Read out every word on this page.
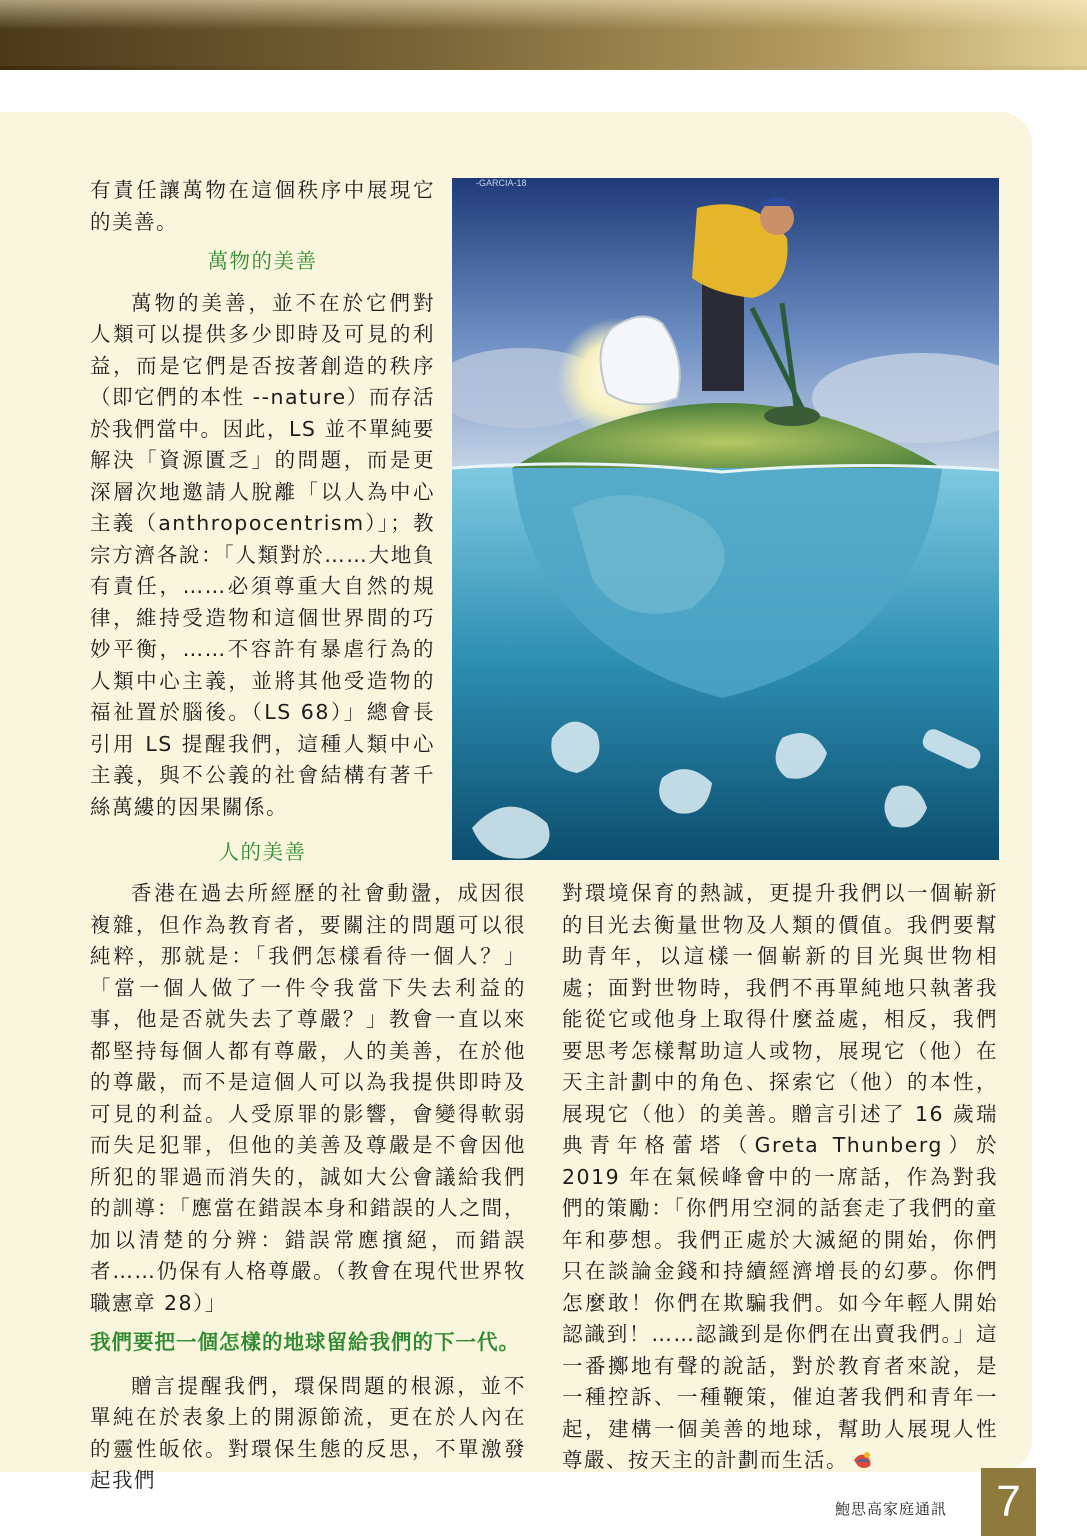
有責任讓萬物在這個秩序中展現它的美善。

萬物的美善

萬物的美善，並不在於它們對人類可以提供多少即時及可見的利益，而是它們是否按著創造的秩序（即它們的本性 --nature）而存活於我們當中。因此，LS 並不單純要解決「資源匱乏」的問題，而是更深層次地邀請人脫離「以人為中心主義（anthropocentrism）」；教宗方濟各說：「人類對於……大地負有責任，……必須尊重大自然的規律，維持受造物和這個世界間的巧妙平衡，……不容許有暴虐行為的人類中心主義，並將其他受造物的福祉置於腦後。（LS 68）」總會長引用 LS 提醒我們，這種人類中心主義，與不公義的社會結構有著千絲萬縷的因果關係。

人的美善
-GARCIA-18

香港在過去所經歷的社會動盪，成因很複雜，但作為教育者，要關注的問題可以很純粹，那就是：「我們怎樣看待一個人？」「當一個人做了一件令我當下失去利益的事，他是否就失去了尊嚴？」教會一直以來都堅持每個人都有尊嚴，人的美善，在於他的尊嚴，而不是這個人可以為我提供即時及可見的利益。人受原罪的影響，會變得軟弱而失足犯罪，但他的美善及尊嚴是不會因他所犯的罪過而消失的，誠如大公會議給我們的訓導：「應當在錯誤本身和錯誤的人之間，加以清楚的分辨：錯誤常應擯絕，而錯誤者……仍保有人格尊嚴。（教會在現代世界牧職憲章 28）」

我們要把一個怎樣的地球留給我們的下一代。

贈言提醒我們，環保問題的根源，並不單純在於表象上的開源節流，更在於人內在的靈性皈依。對環保生態的反思，不單激發起我們

對環境保育的熱誠，更提升我們以一個嶄新的目光去衡量世物及人類的價值。我們要幫助青年，以這樣一個嶄新的目光與世物相處；面對世物時，我們不再單純地只執著我能從它或他身上取得什麼益處，相反，我們要思考怎樣幫助這人或物，展現它（他）在天主計劃中的角色、探索它（他）的本性，展現它（他）的美善。贈言引述了 16 歲瑞典青年格蕾塔（Greta Thunberg）於 2019 年在氣候峰會中的一席話，作為對我們的策勵：「你們用空洞的話套走了我們的童年和夢想。我們正處於大滅絕的開始，你們只在談論金錢和持續經濟增長的幻夢。你們怎麼敢！你們在欺騙我們。如今年輕人開始認識到！……認識到是你們在出賣我們。」這一番擲地有聲的說話，對於教育者來說，是一種控訴、一種鞭策，催迫著我們和青年一起，建構一個美善的地球，幫助人展現人性尊嚴、按天主的計劃而生活。

鮑思高家庭通訊	7
